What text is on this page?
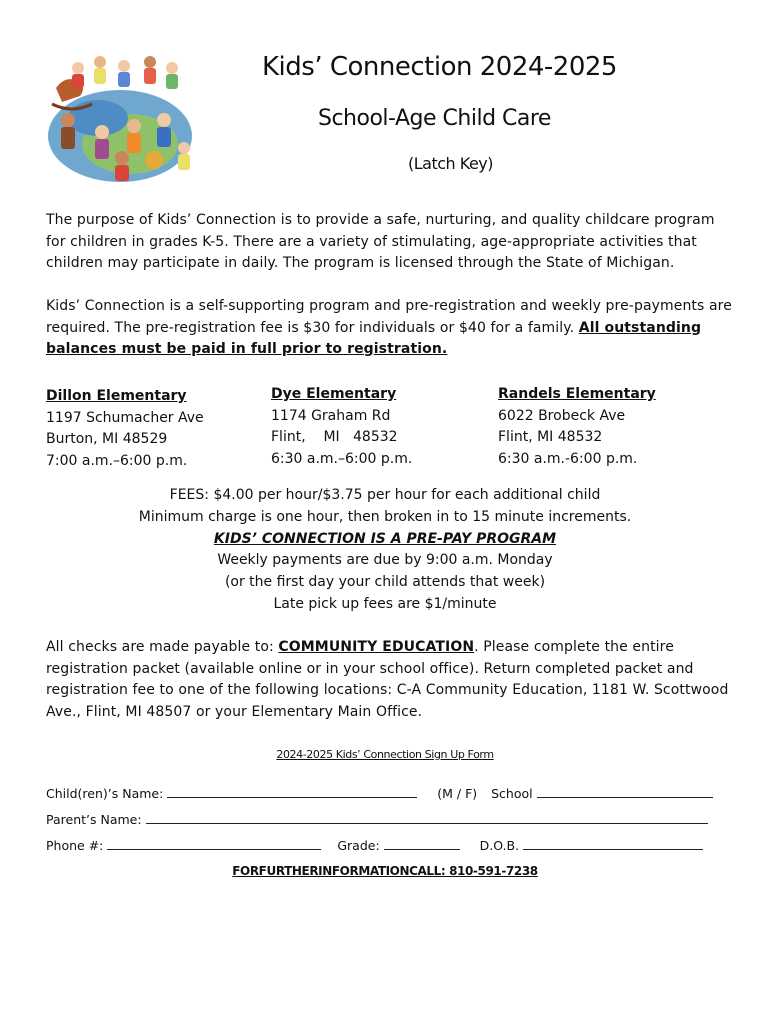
Kids’ Connection 2024-2025
School-Age Child Care
(Latch Key)
The purpose of Kids’ Connection is to provide a safe, nurturing, and quality childcare program for children in grades K-5. There are a variety of stimulating, age-appropriate activities that children may participate in daily. The program is licensed through the State of Michigan.
Kids’ Connection is a self-supporting program and pre-registration and weekly pre-payments are required. The pre-registration fee is $30 for individuals or $40 for a family. All outstanding balances must be paid in full prior to registration.
Dillon Elementary
1197 Schumacher Ave
Burton, MI 48529
7:00 a.m.–6:00 p.m.
Dye Elementary
1174 Graham Rd
Flint,    MI   48532
6:30 a.m.–6:00 p.m.
Randels Elementary
6022 Brobeck Ave
Flint, MI 48532
6:30 a.m.-6:00 p.m.
FEES: $4.00 per hour/$3.75 per hour for each additional child
Minimum charge is one hour, then broken in to 15 minute increments.
KIDS’ CONNECTION IS A PRE-PAY PROGRAM
Weekly payments are due by 9:00 a.m. Monday
(or the first day your child attends that week)
Late pick up fees are $1/minute
All checks are made payable to: COMMUNITY EDUCATION. Please complete the entire registration packet (available online or in your school office). Return completed packet and registration fee to one of the following locations: C-A Community Education, 1181 W. Scottwood Ave., Flint, MI 48507 or your Elementary Main Office.
2024-2025 Kids’ Connection Sign Up Form
Child(ren)’s Name:	(M / F) School
Parent’s Name:
Phone #:	Grade:	D.O.B.
FORFURTHERINFORMATIONCALL: 810-591-7238
